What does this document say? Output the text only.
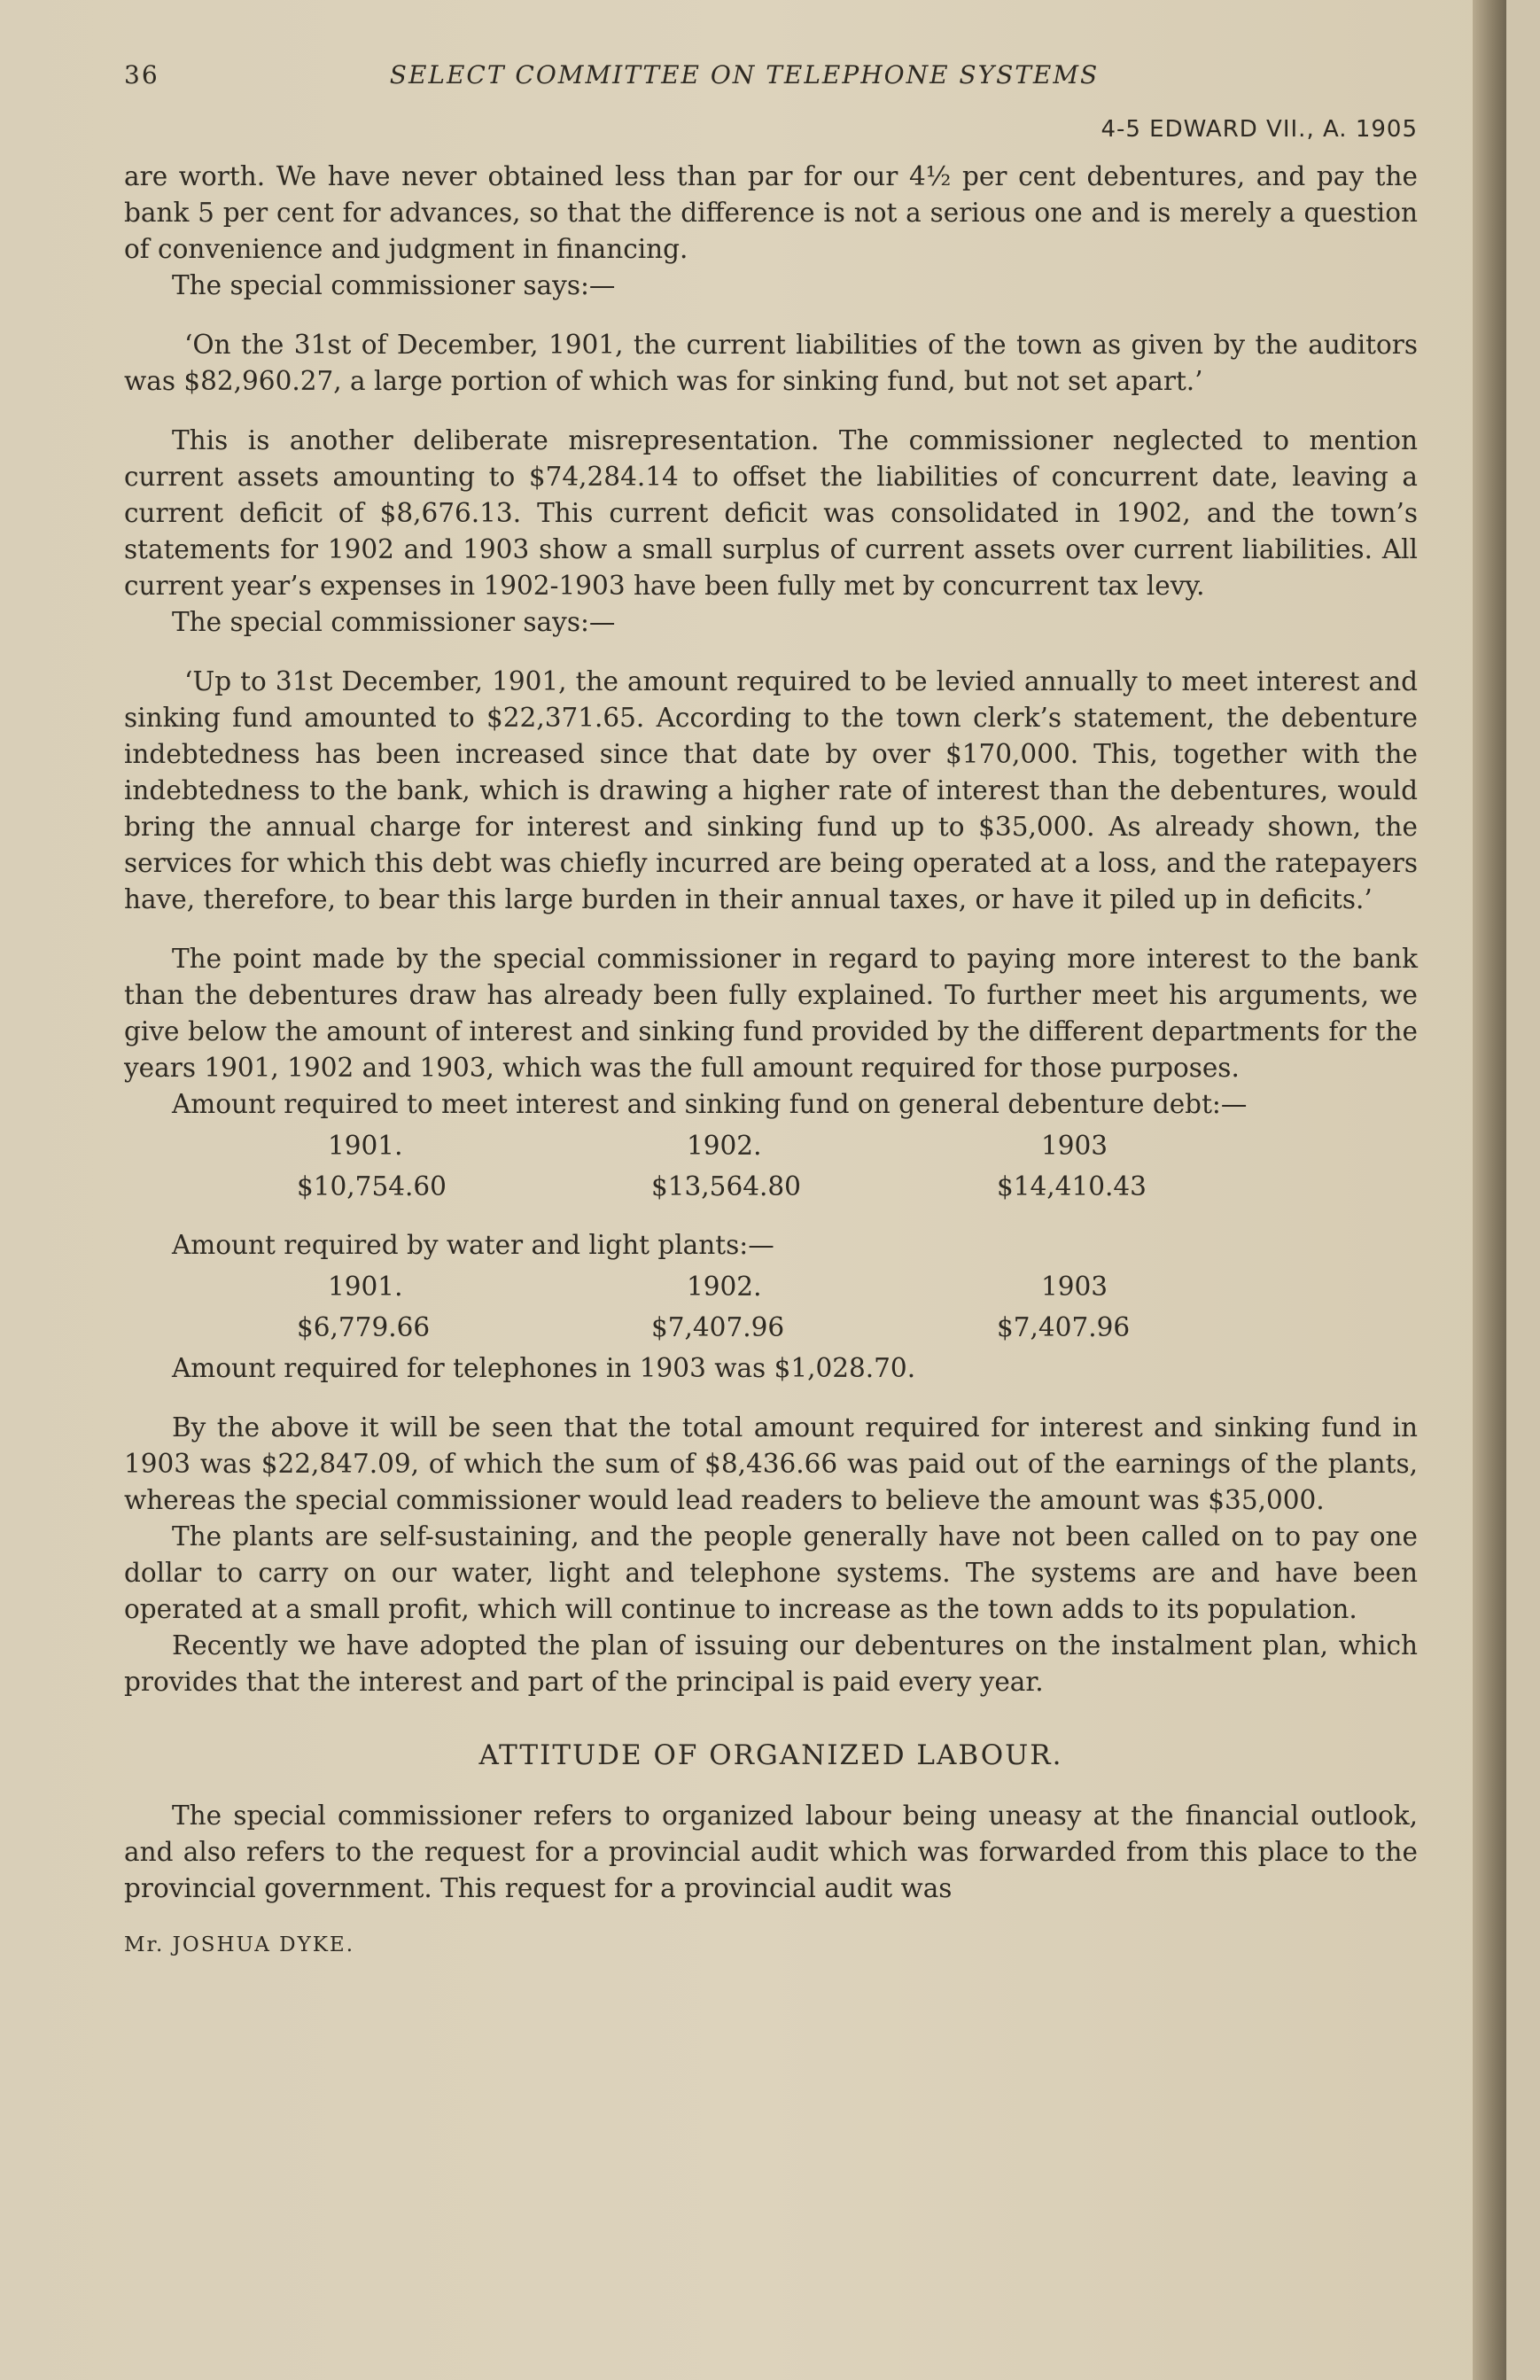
36	SELECT COMMITTEE ON TELEPHONE SYSTEMS
4-5 EDWARD VII., A. 1905

are worth. We have never obtained less than par for our 4½ per cent debentures, and pay the bank 5 per cent for advances, so that the difference is not a serious one and is merely a question of convenience and judgment in financing.

The special commissioner says:—

‘On the 31st of December, 1901, the current liabilities of the town as given by the auditors was $82,960.27, a large portion of which was for sinking fund, but not set apart.’

This is another deliberate misrepresentation. The commissioner neglected to mention current assets amounting to $74,284.14 to offset the liabilities of concurrent date, leaving a current deficit of $8,676.13. This current deficit was consolidated in 1902, and the town’s statements for 1902 and 1903 show a small surplus of current assets over current liabilities. All current year’s expenses in 1902-1903 have been fully met by concurrent tax levy.

The special commissioner says:—

‘Up to 31st December, 1901, the amount required to be levied annually to meet interest and sinking fund amounted to $22,371.65. According to the town clerk’s statement, the debenture indebtedness has been increased since that date by over $170,000. This, together with the indebtedness to the bank, which is drawing a higher rate of interest than the debentures, would bring the annual charge for interest and sinking fund up to $35,000. As already shown, the services for which this debt was chiefly incurred are being operated at a loss, and the ratepayers have, therefore, to bear this large burden in their annual taxes, or have it piled up in deficits.’

The point made by the special commissioner in regard to paying more interest to the bank than the debentures draw has already been fully explained. To further meet his arguments, we give below the amount of interest and sinking fund provided by the different departments for the years 1901, 1902 and 1903, which was the full amount required for those purposes.

Amount required to meet interest and sinking fund on general debenture debt:—

1901.	1902.	1903
$10,754.60	$13,564.80	$14,410.43

Amount required by water and light plants:—

1901.	1902.	1903
$6,779.66	$7,407.96	$7,407.96

Amount required for telephones in 1903 was $1,028.70.

By the above it will be seen that the total amount required for interest and sinking fund in 1903 was $22,847.09, of which the sum of $8,436.66 was paid out of the earnings of the plants, whereas the special commissioner would lead readers to believe the amount was $35,000.

The plants are self-sustaining, and the people generally have not been called on to pay one dollar to carry on our water, light and telephone systems. The systems are and have been operated at a small profit, which will continue to increase as the town adds to its population.

Recently we have adopted the plan of issuing our debentures on the instalment plan, which provides that the interest and part of the principal is paid every year.

ATTITUDE OF ORGANIZED LABOUR.

The special commissioner refers to organized labour being uneasy at the financial outlook, and also refers to the request for a provincial audit which was forwarded from this place to the provincial government. This request for a provincial audit was

Mr. JOSHUA DYKE.
